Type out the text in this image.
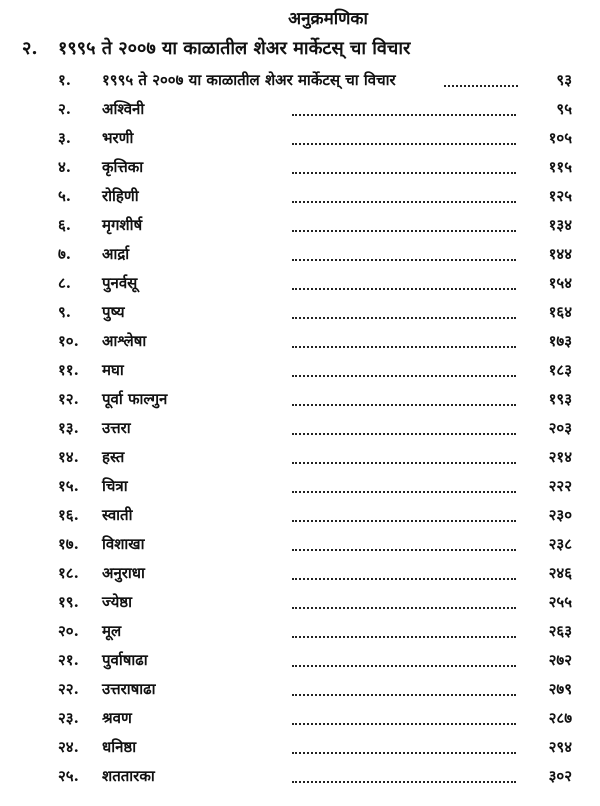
अनुक्रमणिका
२. १९९५ ते २००७ या काळातील शेअर मार्केटस् चा विचार
१. १९९५ ते २००७ या काळातील शेअर मार्केटस् चा विचार	९३
२. अश्विनी	९५
३. भरणी	१०५
४. कृत्तिका	११५
५. रोहिणी	१२५
६. मृगशीर्ष	१३४
७. आर्द्रा	१४४
८. पुनर्वसू	१५४
९. पुष्य	१६४
१०. आश्लेषा	१७३
११. मघा	१८३
१२. पूर्वा फाल्गुन	१९३
१३. उत्तरा	२०३
१४. हस्त	२१४
१५. चित्रा	२२२
१६. स्वाती	२३०
१७. विशाखा	२३८
१८. अनुराधा	२४६
१९. ज्येष्ठा	२५५
२०. मूल	२६३
२१. पुर्वाषाढा	२७२
२२. उत्तराषाढा	२७९
२३. श्रवण	२८७
२४. धनिष्ठा	२९४
२५. शततारका	३०२
